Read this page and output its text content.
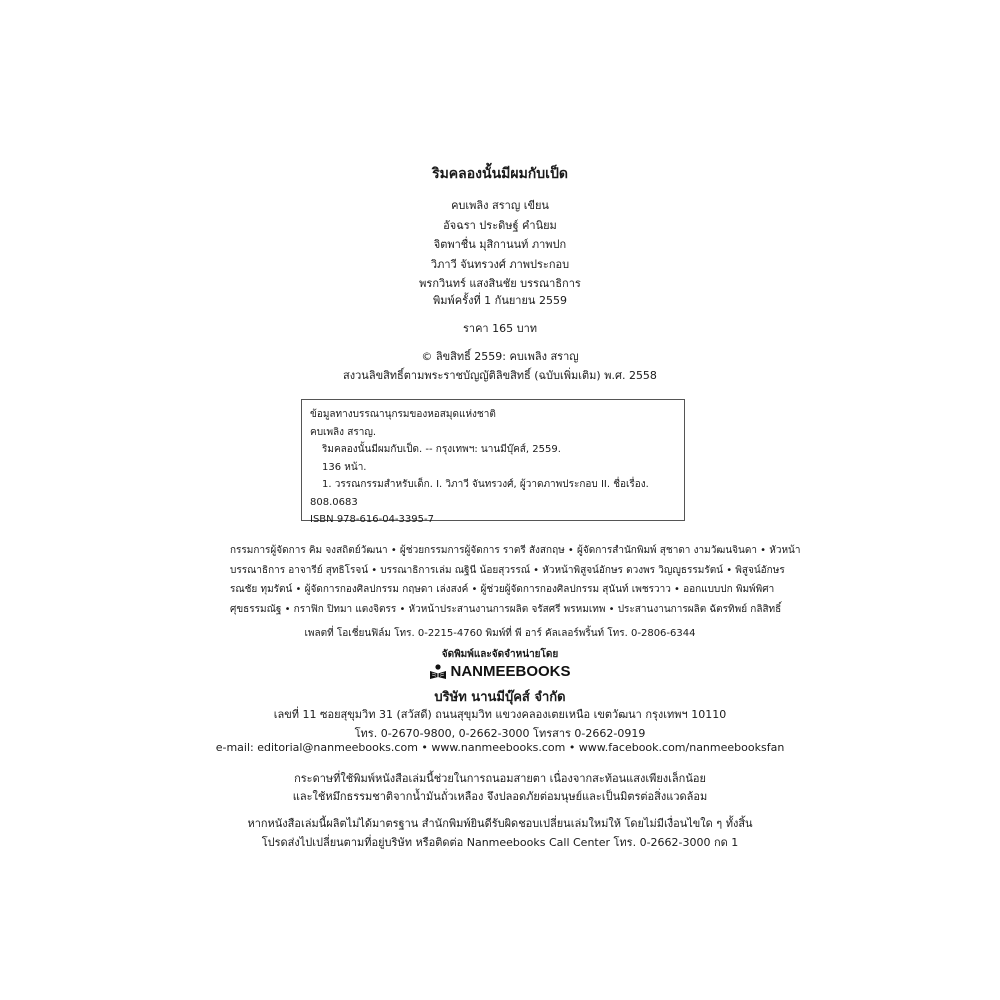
ริมคลองนั้นมีผมกับเป็ด
คบเพลิง สราญ เขียน
อัจฉรา ประดิษฐ์ คำนิยม
จิตพาชื่น มุสิกานนท์ ภาพปก
วิภาวี จันทรวงศ์ ภาพประกอบ
พรกวินทร์ แสงสินชัย บรรณาธิการ
พิมพ์ครั้งที่ 1 กันยายน 2559
ราคา 165 บาท
© ลิขสิทธิ์ 2559: คบเพลิง สราญ
สงวนลิขสิทธิ์ตามพระราชบัญญัติลิขสิทธิ์ (ฉบับเพิ่มเติม) พ.ศ. 2558
ข้อมูลทางบรรณานุกรมของหอสมุดแห่งชาติ
คบเพลิง สราญ.
ริมคลองนั้นมีผมกับเป็ด. -- กรุงเทพฯ: นานมีบุ๊คส์, 2559.
136 หน้า.
1. วรรณกรรมสำหรับเด็ก. I. วิภาวี จันทรวงศ์, ผู้วาดภาพประกอบ II. ชื่อเรื่อง.
808.0683
ISBN 978-616-04-3395-7
กรรมการผู้จัดการ คิม จงสถิตย์วัฒนา • ผู้ช่วยกรรมการผู้จัดการ ราตรี สังสกฤษ • ผู้จัดการสำนักพิมพ์ สุชาดา งามวัฒนจินดา • หัวหน้า
บรรณาธิการ อาจารีย์ สุทธิโรจน์ • บรรณาธิการเล่ม ณฐินี น้อยสุวรรณ์ • หัวหน้าพิสูจน์อักษร ดวงพร วิญญูธรรมรัตน์ • พิสูจน์อักษร
รณชัย ทุมรัตน์ • ผู้จัดการกองศิลปกรรม กฤษดา เล่งสงค์ • ผู้ช่วยผู้จัดการกองศิลปกรรม สุนันท์ เพชรวาว • ออกแบบปก พิมพ์พิศา
ศุขธรรมณัฐ • กราฟิก ปิทมา แตงจิตรร • หัวหน้าประสานงานการผลิต จรัสศรี พรหมเทพ • ประสานงานการผลิต ฉัตรทิพย์ กลิสิทธิ์
เพลตที่ โอเชี่ยนฟิล์ม โทร. 0-2215-4760 พิมพ์ที่ พี อาร์ คัลเลอร์พริ้นท์ โทร. 0-2806-6344
จัดพิมพ์และจัดจำหน่ายโดย
NANMEEBOOKS
บริษัท นานมีบุ๊คส์ จำกัด
เลขที่ 11 ซอยสุขุมวิท 31 (สวัสดี) ถนนสุขุมวิท แขวงคลองเตยเหนือ เขตวัฒนา กรุงเทพฯ 10110
โทร. 0-2670-9800, 0-2662-3000 โทรสาร 0-2662-0919
e-mail: editorial@nanmeebooks.com • www.nanmeebooks.com • www.facebook.com/nanmeebooksfan
กระดาษที่ใช้พิมพ์หนังสือเล่มนี้ช่วยในการถนอมสายตา เนื่องจากสะท้อนแสงเพียงเล็กน้อย
และใช้หมึกธรรมชาติจากน้ำมันถั่วเหลือง จึงปลอดภัยต่อมนุษย์และเป็นมิตรต่อสิ่งแวดล้อม
หากหนังสือเล่มนี้ผลิตไม่ได้มาตรฐาน สำนักพิมพ์ยินดีรับผิดชอบเปลี่ยนเล่มใหม่ให้ โดยไม่มีเงื่อนไขใด ๆ ทั้งสิ้น
โปรดส่งไปเปลี่ยนตามที่อยู่บริษัท หรือติดต่อ Nanmeebooks Call Center โทร. 0-2662-3000 กด 1
